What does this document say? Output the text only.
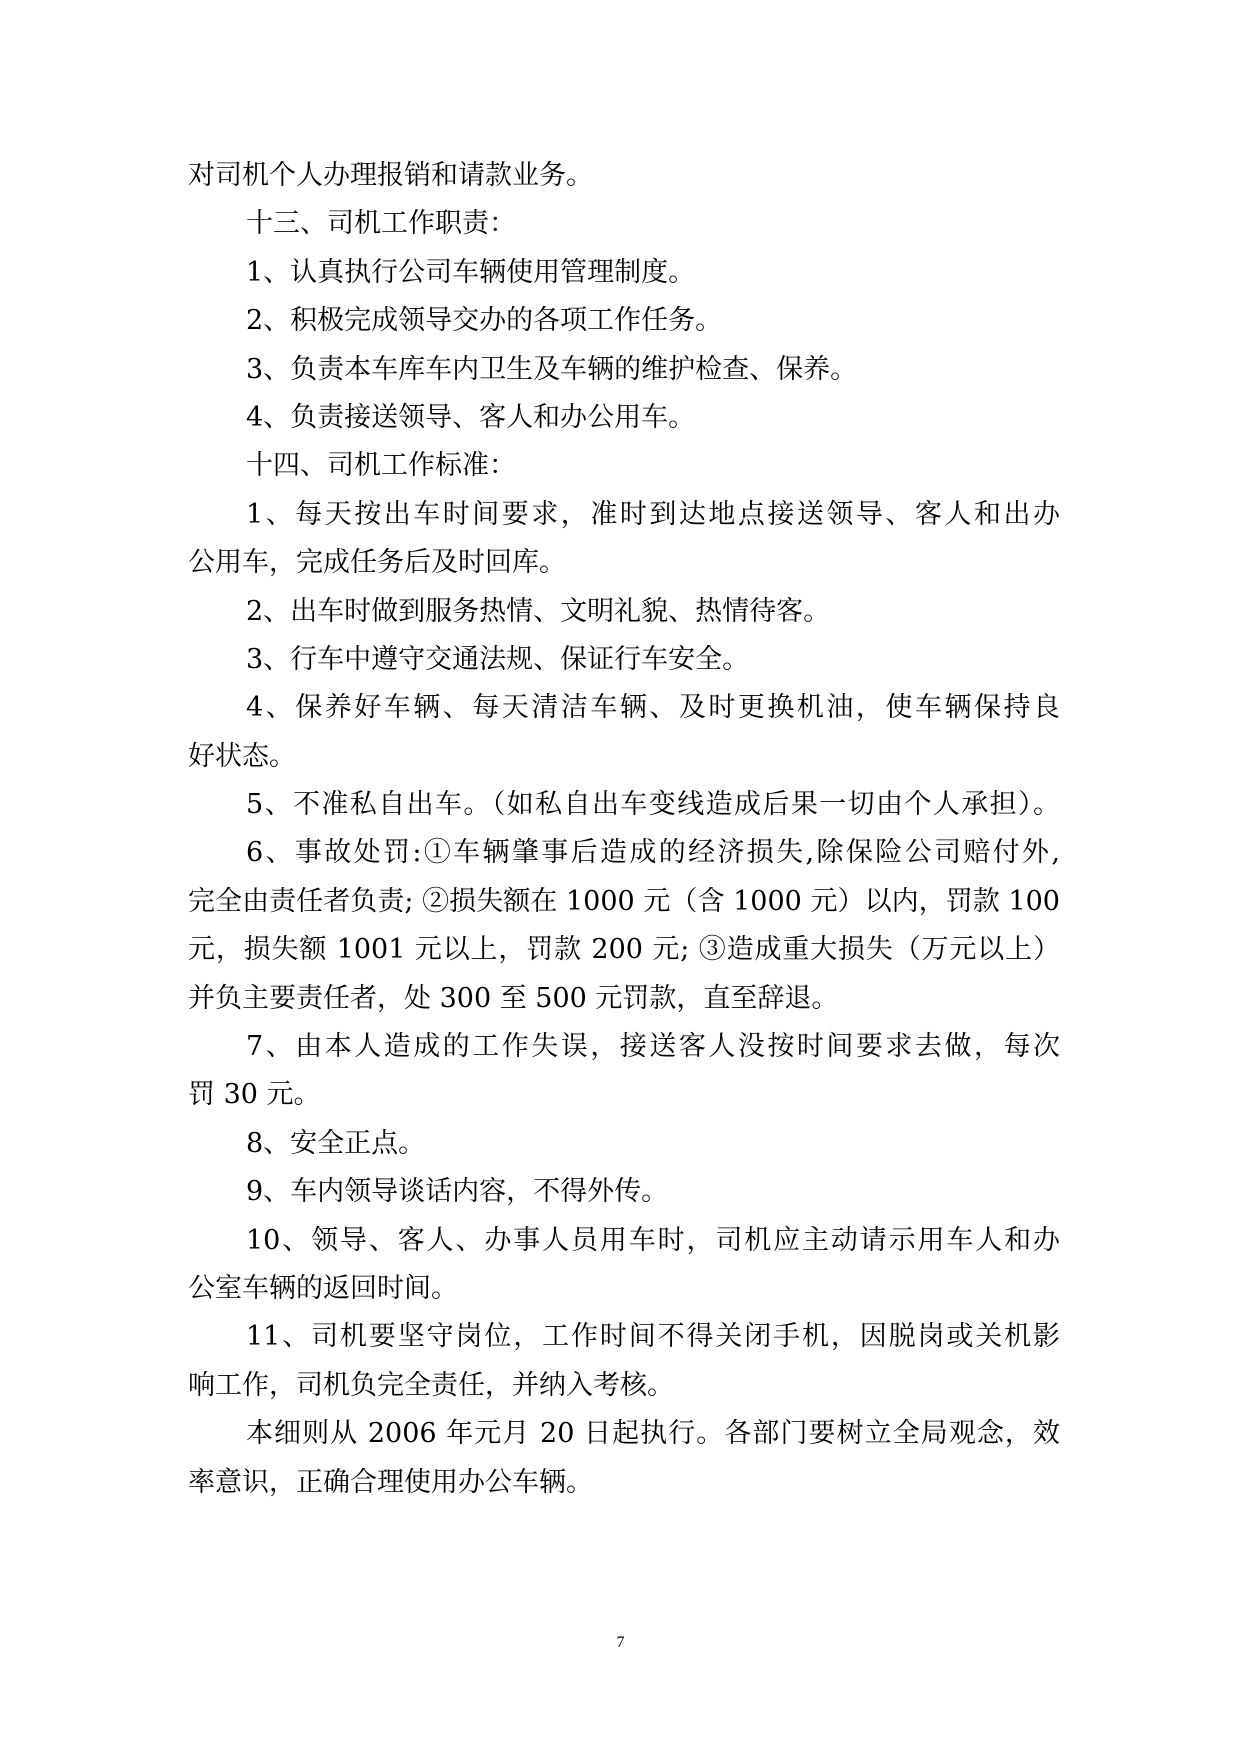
对司机个人办理报销和请款业务。
十三、司机工作职责：
1、认真执行公司车辆使用管理制度。
2、积极完成领导交办的各项工作任务。
3、负责本车库车内卫生及车辆的维护检查、保养。
4、负责接送领导、客人和办公用车。
十四、司机工作标准：
1、每天按出车时间要求，准时到达地点接送领导、客人和出办
公用车，完成任务后及时回库。
2、出车时做到服务热情、文明礼貌、热情待客。
3、行车中遵守交通法规、保证行车安全。
4、保养好车辆、每天清洁车辆、及时更换机油，使车辆保持良
好状态。
5、不准私自出车。（如私自出车变线造成后果一切由个人承担）。
6、事故处罚:①车辆肇事后造成的经济损失,除保险公司赔付外,
完全由责任者负责; ②损失额在 1000 元（含 1000 元）以内，罚款 100
元，损失额 1001 元以上，罚款 200 元; ③造成重大损失（万元以上）
并负主要责任者，处 300 至 500 元罚款，直至辞退。
7、由本人造成的工作失误，接送客人没按时间要求去做，每次
罚 30 元。
8、安全正点。
9、车内领导谈话内容，不得外传。
10、领导、客人、办事人员用车时，司机应主动请示用车人和办
公室车辆的返回时间。
11、司机要坚守岗位，工作时间不得关闭手机，因脱岗或关机影
响工作，司机负完全责任，并纳入考核。
本细则从 2006 年元月 20 日起执行。各部门要树立全局观念，效
率意识，正确合理使用办公车辆。
7
